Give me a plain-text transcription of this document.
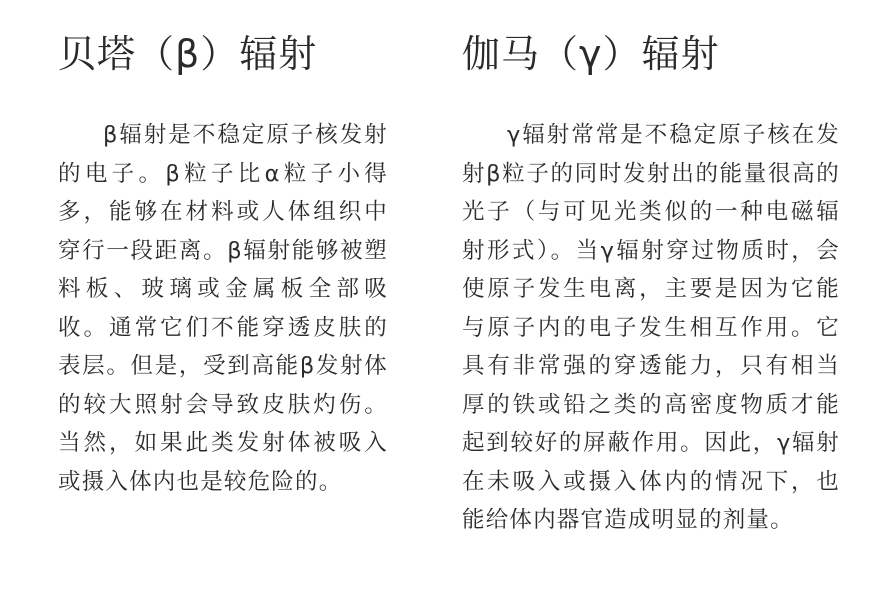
贝塔（β）辐射

β辐射是不稳定原子核发射的电子。β粒子比α粒子小得多，能够在材料或人体组织中穿行一段距离。β辐射能够被塑料板、玻璃或金属板全部吸收。通常它们不能穿透皮肤的表层。但是，受到高能β发射体的较大照射会导致皮肤灼伤。当然，如果此类发射体被吸入或摄入体内也是较危险的。

伽马（γ）辐射

γ辐射常常是不稳定原子核在发射β粒子的同时发射出的能量很高的光子（与可见光类似的一种电磁辐射形式）。当γ辐射穿过物质时，会使原子发生电离，主要是因为它能与原子内的电子发生相互作用。它具有非常强的穿透能力，只有相当厚的铁或铅之类的高密度物质才能起到较好的屏蔽作用。因此，γ辐射在未吸入或摄入体内的情况下，也能给体内器官造成明显的剂量。
